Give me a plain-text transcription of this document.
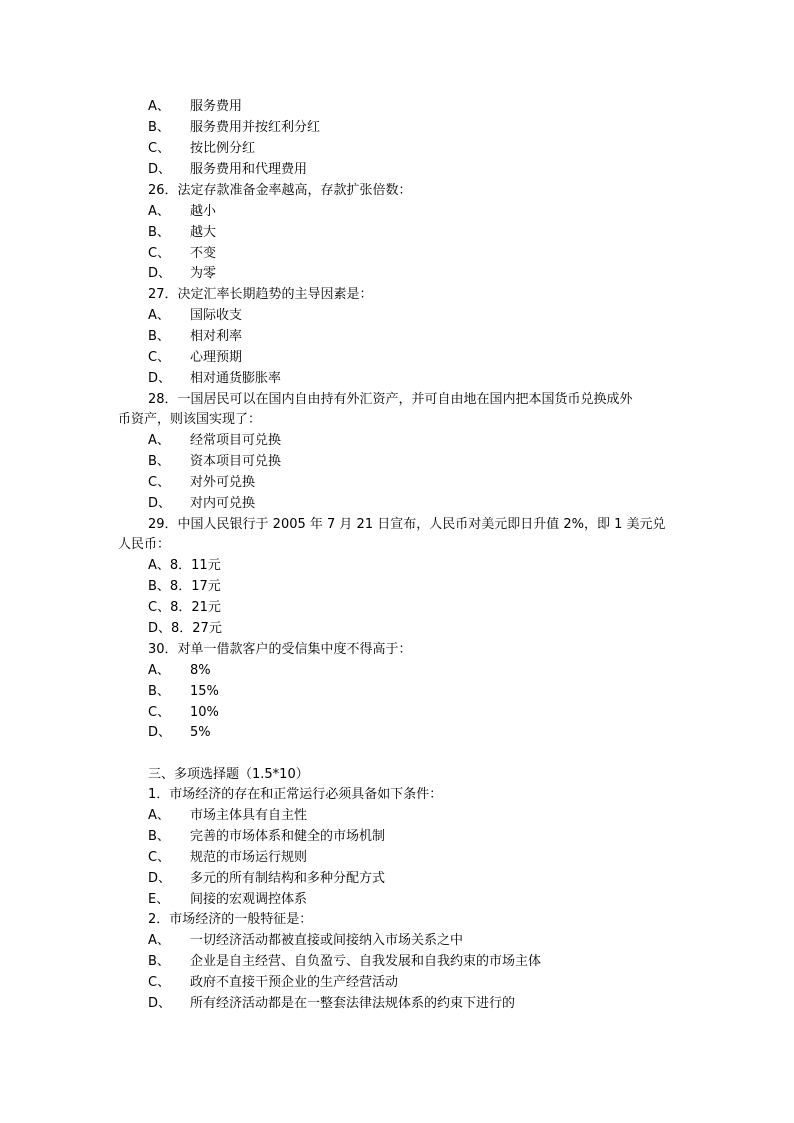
A、 服务费用
B、 服务费用并按红利分红
C、 按比例分红
D、 服务费用和代理费用
26．法定存款准备金率越高，存款扩张倍数：
A、 越小
B、 越大
C、 不变
D、 为零
27．决定汇率长期趋势的主导因素是：
A、 国际收支
B、 相对利率
C、 心理预期
D、 相对通货膨胀率
28．一国居民可以在国内自由持有外汇资产，并可自由地在国内把本国货币兑换成外
币资产，则该国实现了：
A、 经常项目可兑换
B、 资本项目可兑换
C、 对外可兑换
D、 对内可兑换
29．中国人民银行于 2005 年 7 月 21 日宣布，人民币对美元即日升值 2%，即 1 美元兑
人民币：
A、8．11元
B、8．17元
C、8．21元
D、8．27元
30．对单一借款客户的受信集中度不得高于：
A、 8%
B、 15%
C、 10%
D、 5%
三、多项选择题（1.5*10）
1．市场经济的存在和正常运行必须具备如下条件：
A、 市场主体具有自主性
B、 完善的市场体系和健全的市场机制
C、 规范的市场运行规则
D、 多元的所有制结构和多种分配方式
E、 间接的宏观调控体系
2．市场经济的一般特征是：
A、 一切经济活动都被直接或间接纳入市场关系之中
B、 企业是自主经营、自负盈亏、自我发展和自我约束的市场主体
C、 政府不直接干预企业的生产经营活动
D、 所有经济活动都是在一整套法律法规体系的约束下进行的
